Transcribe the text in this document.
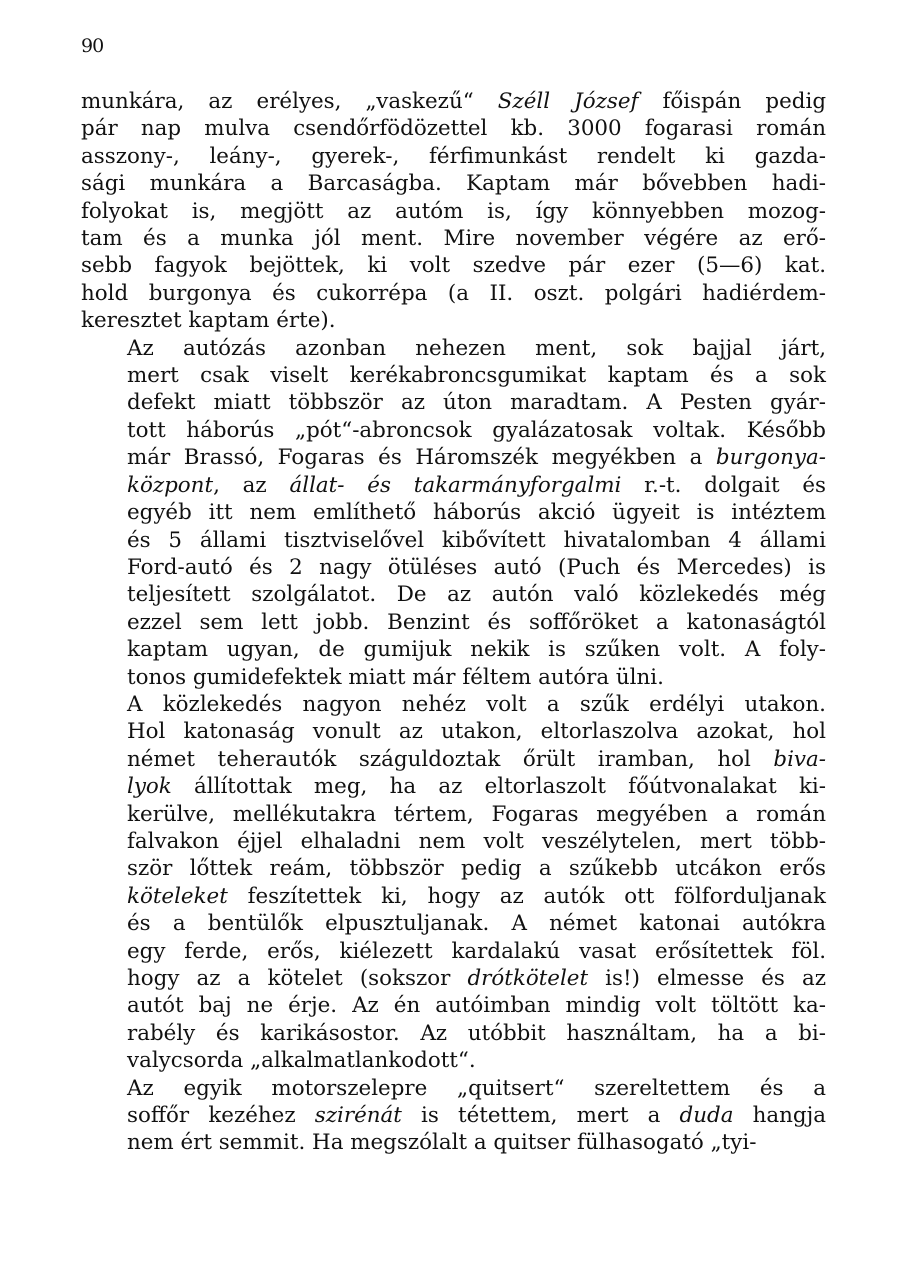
90
munkára, az erélyes, „vaskezű“ Széll József főispán pedig
pár nap mulva csendőrfödözettel kb. 3000 fogarasi román
asszony-, leány-, gyerek-, férfimunkást rendelt ki gazda-
sági munkára a Barcaságba. Kaptam már bővebben hadi-
folyokat is, megjött az autóm is, így könnyebben mozog-
tam és a munka jól ment. Mire november végére az erő-
sebb fagyok bejöttek, ki volt szedve pár ezer (5—6) kat.
hold burgonya és cukorrépa (a II. oszt. polgári hadiérdem-
keresztet kaptam érte).
Az autózás azonban nehezen ment, sok bajjal járt,
mert csak viselt kerékabroncsgumikat kaptam és a sok
defekt miatt többször az úton maradtam. A Pesten gyár-
tott háborús „pót“-abroncsok gyalázatosak voltak. Később
már Brassó, Fogaras és Háromszék megyékben a burgonya-
központ, az állat- és takarmányforgalmi r.-t. dolgait és
egyéb itt nem említhető háborús akció ügyeit is intéztem
és 5 állami tisztviselővel kibővített hivatalomban 4 állami
Ford-autó és 2 nagy ötüléses autó (Puch és Mercedes) is
teljesített szolgálatot. De az autón való közlekedés még
ezzel sem lett jobb. Benzint és soffőröket a katonaságtól
kaptam ugyan, de gumijuk nekik is szűken volt. A foly-
tonos gumidefektek miatt már féltem autóra ülni.
A közlekedés nagyon nehéz volt a szűk erdélyi utakon.
Hol katonaság vonult az utakon, eltorlaszolva azokat, hol
német teherautók száguldoztak őrült iramban, hol biva-
lyok állítottak meg, ha az eltorlaszolt főútvonalakat ki-
kerülve, mellékutakra tértem, Fogaras megyében a román
falvakon éjjel elhaladni nem volt veszélytelen, mert több-
ször lőttek reám, többször pedig a szűkebb utcákon erős
köteleket feszítettek ki, hogy az autók ott fölforduljanak
és a bentülők elpusztuljanak. A német katonai autókra
egy ferde, erős, kiélezett kardalakú vasat erősítettek föl.
hogy az a kötelet (sokszor drótkötelet is!) elmesse és az
autót baj ne érje. Az én autóimban mindig volt töltött ka-
rabély és karikásostor. Az utóbbit használtam, ha a bi-
valycsorda „alkalmatlankodott“.
Az egyik motorszelepre „quitsert“ szereltettem és a
soffőr kezéhez szirénát is tétettem, mert a duda hangja
nem ért semmit. Ha megszólalt a quitser fülhasogató „tyi-
